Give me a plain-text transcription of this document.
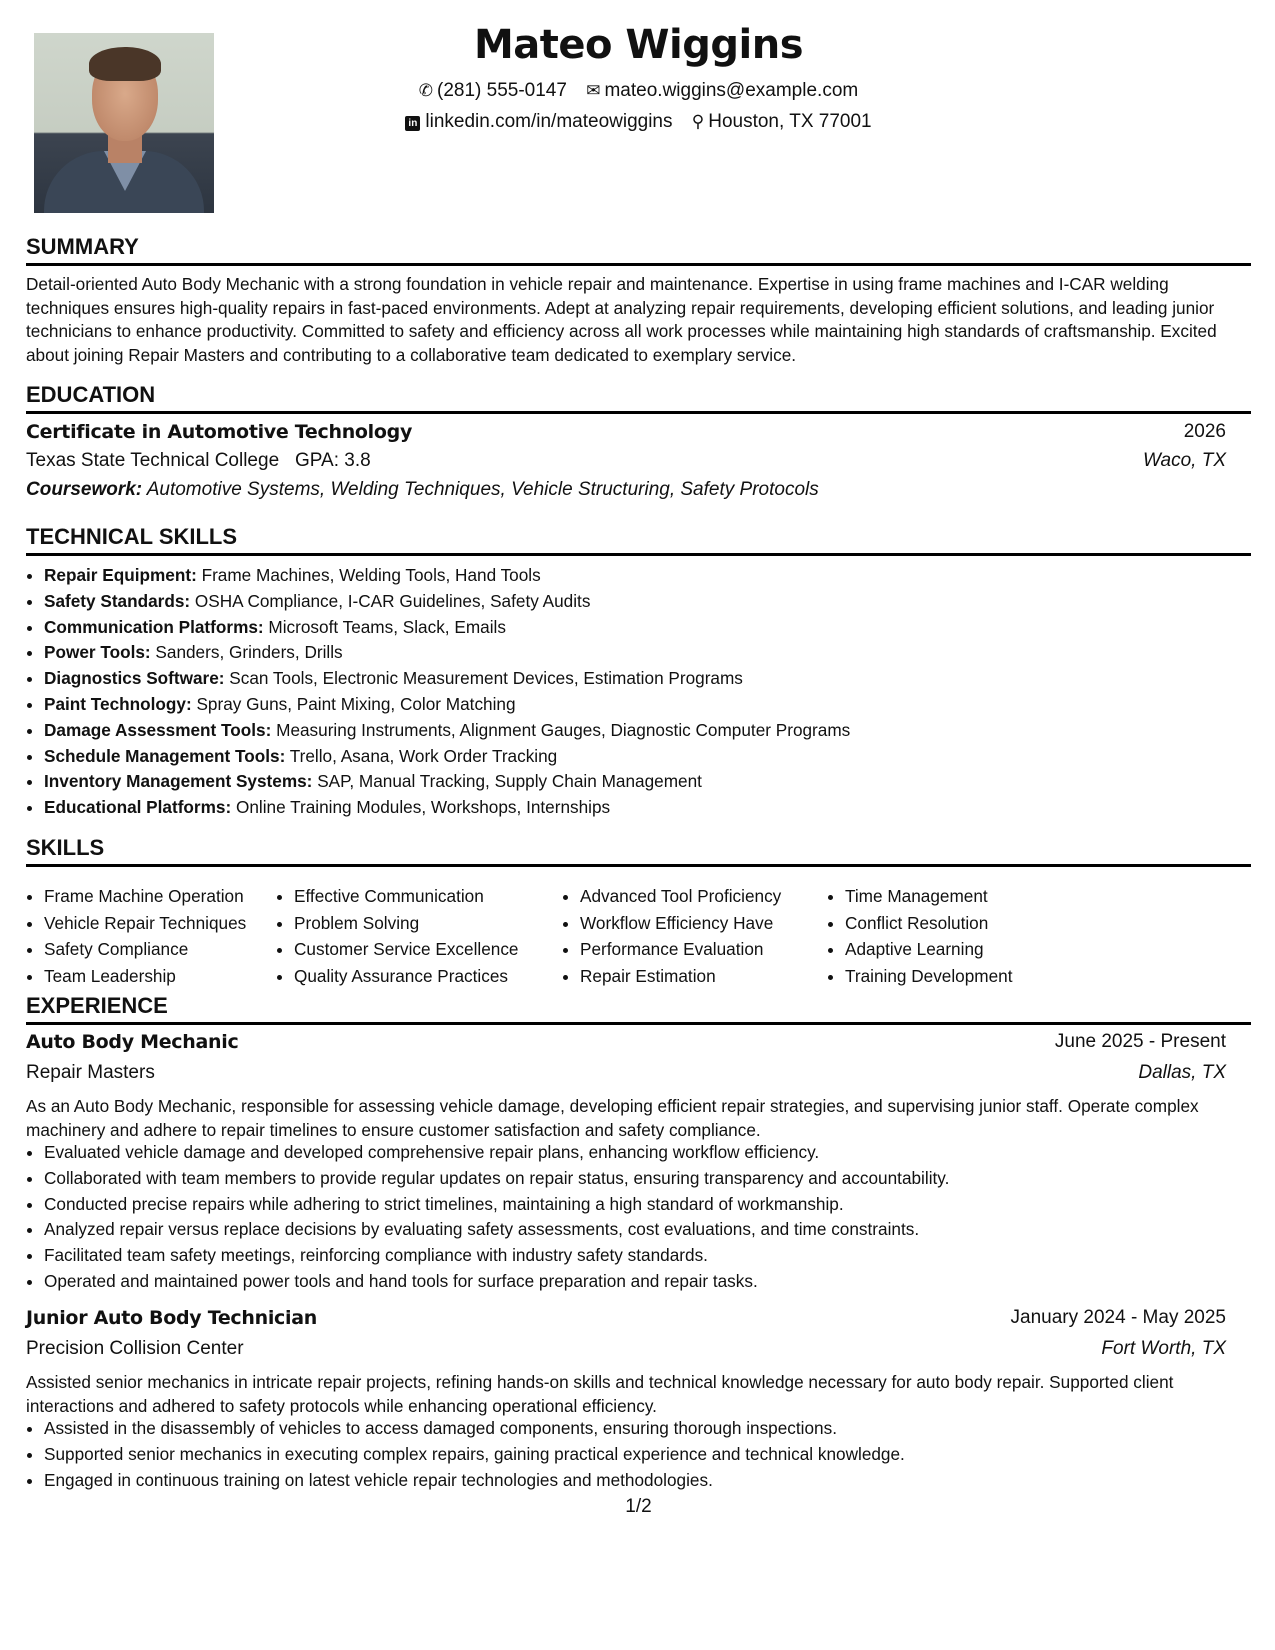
Mateo Wiggins
✆ (281) 555-0147 ✉ mateo.wiggins@example.com
in linkedin.com/in/mateowiggins ⚲ Houston, TX 77001
SUMMARY
Detail-oriented Auto Body Mechanic with a strong foundation in vehicle repair and maintenance. Expertise in using frame machines and I-CAR welding techniques ensures high-quality repairs in fast-paced environments. Adept at analyzing repair requirements, developing efficient solutions, and leading junior technicians to enhance productivity. Committed to safety and efficiency across all work processes while maintaining high standards of craftsmanship. Excited about joining Repair Masters and contributing to a collaborative team dedicated to exemplary service.
EDUCATION
Certificate in Automotive Technology	2026
Texas State Technical College GPA: 3.8	Waco, TX
Coursework: Automotive Systems, Welding Techniques, Vehicle Structuring, Safety Protocols
TECHNICAL SKILLS
• Repair Equipment: Frame Machines, Welding Tools, Hand Tools
• Safety Standards: OSHA Compliance, I-CAR Guidelines, Safety Audits
• Communication Platforms: Microsoft Teams, Slack, Emails
• Power Tools: Sanders, Grinders, Drills
• Diagnostics Software: Scan Tools, Electronic Measurement Devices, Estimation Programs
• Paint Technology: Spray Guns, Paint Mixing, Color Matching
• Damage Assessment Tools: Measuring Instruments, Alignment Gauges, Diagnostic Computer Programs
• Schedule Management Tools: Trello, Asana, Work Order Tracking
• Inventory Management Systems: SAP, Manual Tracking, Supply Chain Management
• Educational Platforms: Online Training Modules, Workshops, Internships
SKILLS
• Frame Machine Operation
• Vehicle Repair Techniques
• Safety Compliance
• Team Leadership
• Effective Communication
• Problem Solving
• Customer Service Excellence
• Quality Assurance Practices
• Advanced Tool Proficiency
• Workflow Efficiency Have
• Performance Evaluation
• Repair Estimation
• Time Management
• Conflict Resolution
• Adaptive Learning
• Training Development
EXPERIENCE
Auto Body Mechanic	June 2025 - Present
Repair Masters	Dallas, TX
As an Auto Body Mechanic, responsible for assessing vehicle damage, developing efficient repair strategies, and supervising junior staff. Operate complex machinery and adhere to repair timelines to ensure customer satisfaction and safety compliance.
• Evaluated vehicle damage and developed comprehensive repair plans, enhancing workflow efficiency.
• Collaborated with team members to provide regular updates on repair status, ensuring transparency and accountability.
• Conducted precise repairs while adhering to strict timelines, maintaining a high standard of workmanship.
• Analyzed repair versus replace decisions by evaluating safety assessments, cost evaluations, and time constraints.
• Facilitated team safety meetings, reinforcing compliance with industry safety standards.
• Operated and maintained power tools and hand tools for surface preparation and repair tasks.
Junior Auto Body Technician	January 2024 - May 2025
Precision Collision Center	Fort Worth, TX
Assisted senior mechanics in intricate repair projects, refining hands-on skills and technical knowledge necessary for auto body repair. Supported client interactions and adhered to safety protocols while enhancing operational efficiency.
• Assisted in the disassembly of vehicles to access damaged components, ensuring thorough inspections.
• Supported senior mechanics in executing complex repairs, gaining practical experience and technical knowledge.
• Engaged in continuous training on latest vehicle repair technologies and methodologies.
1/2
